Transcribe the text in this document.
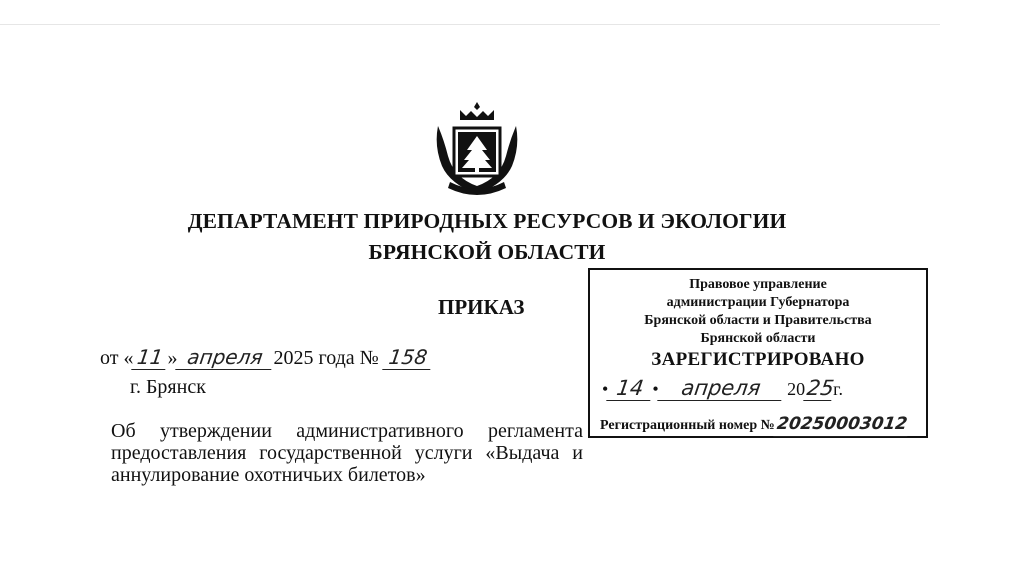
ДЕПАРТАМЕНТ ПРИРОДНЫХ РЕСУРСОВ И ЭКОЛОГИИ
БРЯНСКОЙ ОБЛАСТИ
ПРИКАЗ
от « 11 » апреля 2025 года № 158
г. Брянск
Об утверждении административного регламента предоставления государственной услуги «Выдача и аннулирование охотничьих билетов»
Правовое управление
администрации Губернатора
Брянской области и Правительства
Брянской области
ЗАРЕГИСТРИРОВАНО
• 14 • апреля 2025г.
Регистрационный номер №20250003012
